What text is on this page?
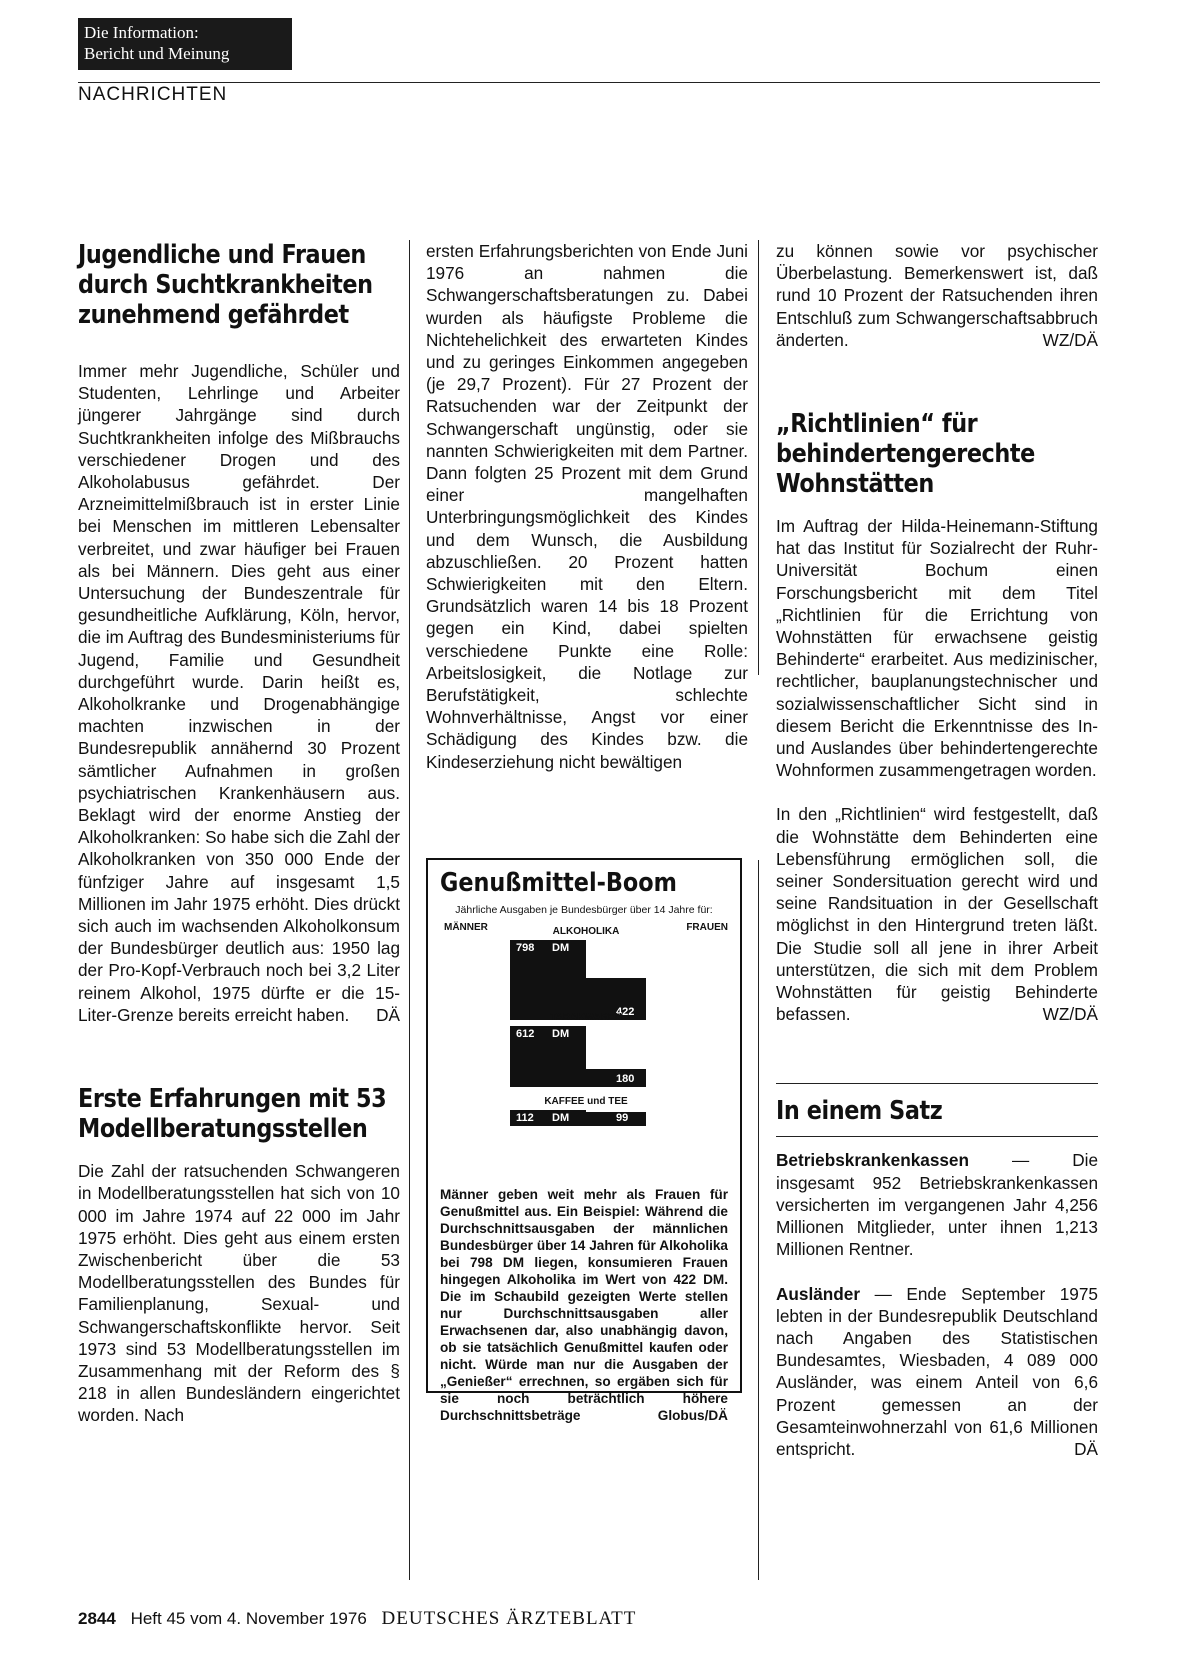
Die Information:
Bericht und Meinung
NACHRICHTEN
Jugendliche und Frauen durch Suchtkrankheiten zunehmend gefährdet

Immer mehr Jugendliche, Schüler und Studenten, Lehrlinge und Arbeiter jüngerer Jahrgänge sind durch Suchtkrankheiten infolge des Mißbrauchs verschiedener Drogen und des Alkoholabusus gefährdet. Der Arzneimittelmißbrauch ist in erster Linie bei Menschen im mittleren Lebensalter verbreitet, und zwar häufiger bei Frauen als bei Männern. Dies geht aus einer Untersuchung der Bundeszentrale für gesundheitliche Aufklärung, Köln, hervor, die im Auftrag des Bundesministeriums für Jugend, Familie und Gesundheit durchgeführt wurde. Darin heißt es, Alkoholkranke und Drogenabhängige machten inzwischen in der Bundesrepublik annähernd 30 Prozent sämtlicher Aufnahmen in großen psychiatrischen Krankenhäusern aus. Beklagt wird der enorme Anstieg der Alkoholkranken: So habe sich die Zahl der Alkoholkranken von 350 000 Ende der fünfziger Jahre auf insgesamt 1,5 Millionen im Jahr 1975 erhöht. Dies drückt sich auch im wachsenden Alkoholkonsum der Bundesbürger deutlich aus: 1950 lag der Pro-Kopf-Verbrauch noch bei 3,2 Liter reinem Alkohol, 1975 dürfte er die 15-Liter-Grenze bereits erreicht haben. DÄ

Erste Erfahrungen mit 53 Modellberatungsstellen

Die Zahl der ratsuchenden Schwangeren in Modellberatungsstellen hat sich von 10 000 im Jahre 1974 auf 22 000 im Jahr 1975 erhöht. Dies geht aus einem ersten Zwischenbericht über die 53 Modellberatungsstellen des Bundes für Familienplanung, Sexual- und Schwangerschaftskonflikte hervor. Seit 1973 sind 53 Modellberatungsstellen im Zusammenhang mit der Reform des § 218 in allen Bundesländern eingerichtet worden. Nach

ersten Erfahrungsberichten von Ende Juni 1976 an nahmen die Schwangerschaftsberatungen zu. Dabei wurden als häufigste Probleme die Nichtehelichkeit des erwarteten Kindes und zu geringes Einkommen angegeben (je 29,7 Prozent). Für 27 Prozent der Ratsuchenden war der Zeitpunkt der Schwangerschaft ungünstig, oder sie nannten Schwierigkeiten mit dem Partner. Dann folgten 25 Prozent mit dem Grund einer mangelhaften Unterbringungsmöglichkeit des Kindes und dem Wunsch, die Ausbildung abzuschließen. 20 Prozent hatten Schwierigkeiten mit den Eltern. Grundsätzlich waren 14 bis 18 Prozent gegen ein Kind, dabei spielten verschiedene Punkte eine Rolle: Arbeitslosigkeit, die Notlage zur Berufstätigkeit, schlechte Wohnverhältnisse, Angst vor einer Schädigung des Kindes bzw. die Kindeserziehung nicht bewältigen

Genußmittel-Boom
Jährliche Ausgaben je Bundesbürger über 14 Jahre für:
MÄNNER	FRAUEN
ALKOHOLIKA
798 DM
422
TABAKWAREN
612 DM
180
KAFFEE und TEE
112 DM	99
Männer geben weit mehr als Frauen für Genußmittel aus. Ein Beispiel: Während die Durchschnittsausgaben der männlichen Bundesbürger über 14 Jahren für Alkoholika bei 798 DM liegen, konsumieren Frauen hingegen Alkoholika im Wert von 422 DM. Die im Schaubild gezeigten Werte stellen nur Durchschnittsausgaben aller Erwachsenen dar, also unabhängig davon, ob sie tatsächlich Genußmittel kaufen oder nicht. Würde man nur die Ausgaben der „Genießer“ errechnen, so ergäben sich für sie noch beträchtlich höhere Durchschnittsbeträge	Globus/DÄ

zu können sowie vor psychischer Überbelastung. Bemerkenswert ist, daß rund 10 Prozent der Ratsuchenden ihren Entschluß zum Schwangerschaftsabbruch änderten.	WZ/DÄ

„Richtlinien“ für behindertengerechte Wohnstätten

Im Auftrag der Hilda-Heinemann-Stiftung hat das Institut für Sozialrecht der Ruhr-Universität Bochum einen Forschungsbericht mit dem Titel „Richtlinien für die Errichtung von Wohnstätten für erwachsene geistig Behinderte“ erarbeitet. Aus medizinischer, rechtlicher, bauplanungstechnischer und sozialwissenschaftlicher Sicht sind in diesem Bericht die Erkenntnisse des In- und Auslandes über behindertengerechte Wohnformen zusammengetragen worden.

In den „Richtlinien“ wird festgestellt, daß die Wohnstätte dem Behinderten eine Lebensführung ermöglichen soll, die seiner Sondersituation gerecht wird und seine Randsituation in der Gesellschaft möglichst in den Hintergrund treten läßt. Die Studie soll all jene in ihrer Arbeit unterstützen, die sich mit dem Problem Wohnstätten für geistig Behinderte befassen.	WZ/DÄ

In einem Satz

Betriebskrankenkassen — Die insgesamt 952 Betriebskrankenkassen versicherten im vergangenen Jahr 4,256 Millionen Mitglieder, unter ihnen 1,213 Millionen Rentner.

Ausländer — Ende September 1975 lebten in der Bundesrepublik Deutschland nach Angaben des Statistischen Bundesamtes, Wiesbaden, 4 089 000 Ausländer, was einem Anteil von 6,6 Prozent gemessen an der Gesamteinwohnerzahl von 61,6 Millionen entspricht.	DÄ

2844 Heft 45 vom 4. November 1976 DEUTSCHES ÄRZTEBLATT
